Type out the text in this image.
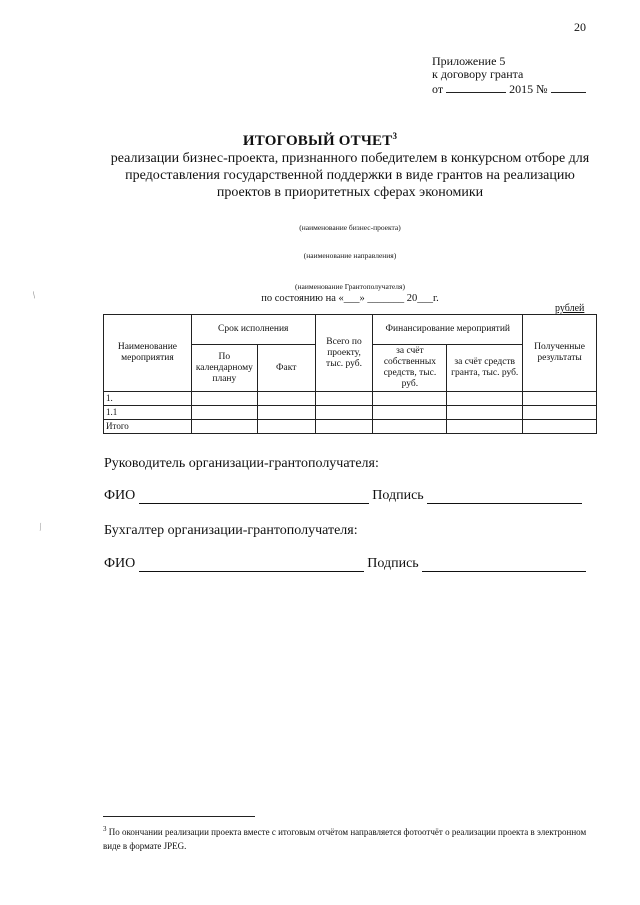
20
Приложение 5
к договору гранта
от	2015 №
ИТОГОВЫЙ ОТЧЕТ$^3$
реализации бизнес-проекта, признанного победителем в конкурсном отборе для предоставления государственной поддержки в виде грантов на реализацию проектов в приоритетных сферах экономики
(наименование бизнес-проекта)
(наименование направления)
(наименование Грантополучателя)
по состоянию на «___» _______ 20___г.
рублей
Наименование мероприятия	Срок исполнения		Всего по проекту, тыс. руб.	Финансирование мероприятий		Полученные результаты
	По календарному плану	Факт		за счёт собственных средств, тыс. руб.	за счёт средств гранта, тыс. руб.	
1.						
1.1						
Итого						
Руководитель организации-грантополучателя:
ФИО	Подпись
Бухгалтер организации-грантополучателя:
ФИО	Подпись
/
⁄
$^3$ По окончании реализации проекта вместе с итоговым отчётом направляется фотоотчёт о реализации проекта в электронном виде в формате JPEG.
